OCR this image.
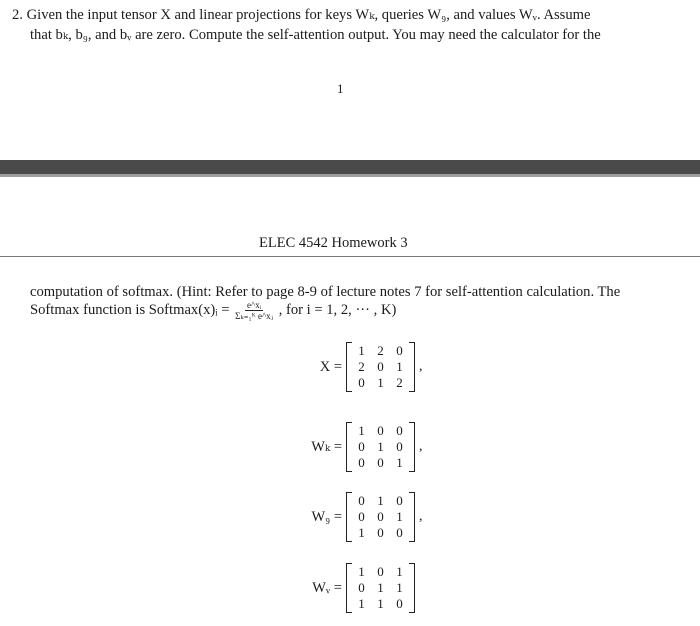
2. Given the input tensor X and linear projections for keys Wₖ, queries W₉, and values Wᵥ. Assume
that bₖ, b₉, and bᵥ are zero. Compute the self-attention output. You may need the calculator for the
1
ELEC 4542 Homework 3
computation of softmax. (Hint: Refer to page 8-9 of lecture notes 7 for self-attention calculation. The
Softmax function is Softmax(x)ᵢ = $\frac{\text{e\textasciicircum{}xᵢ}}{\text{Σₖ₌₁ᴷ e\textasciicircum{}xⱼ}}$ , for i = 1, 2, ··· , K)
X =
1 2 0
2 0 1
0 1 2
,
Wₖ =
1 0 0
0 1 0
0 0 1
,
W₉ =
0 1 0
0 0 1
1 0 0
,
Wᵥ =
1 0 1
0 1 1
1 1 0
